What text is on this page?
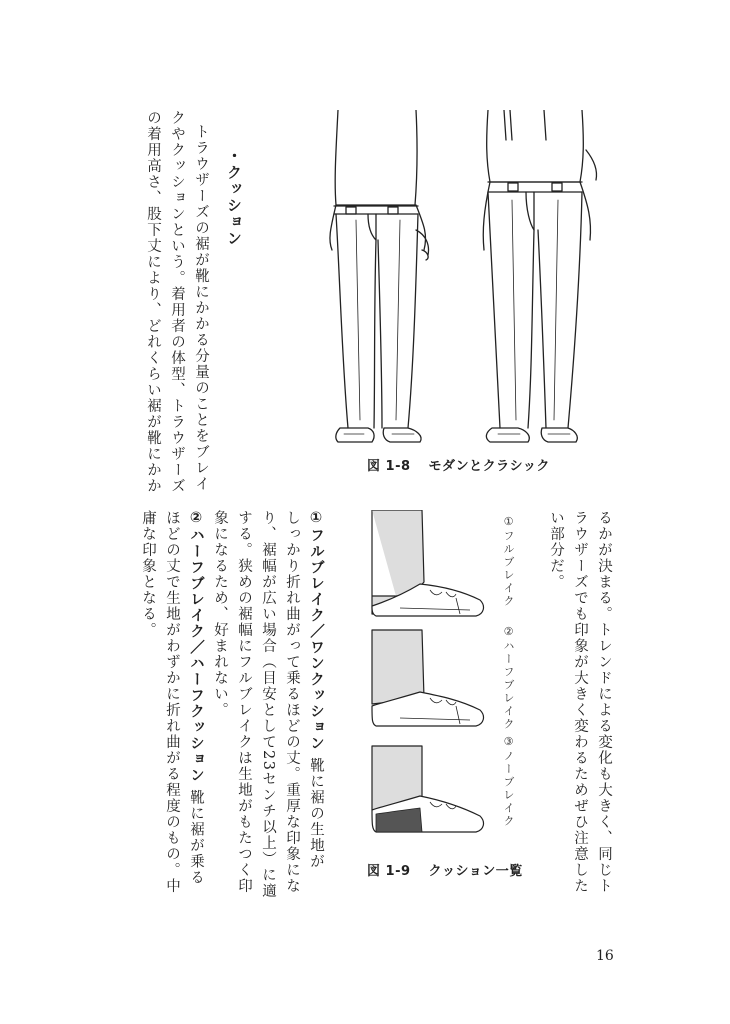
・クッション
トラウザーズの裾が靴にかかる分量のことをブレイ
クやクッションという。着用者の体型、トラウザーズ
の着用高さ、股下丈により、どれくらい裾が靴にかか
るかが決まる。トレンドによる変化も大きく、同じト
ラウザーズでも印象が大きく変わるためぜひ注意した
い部分だ。
①フルブレイク／ワンクッション 靴に裾の生地が
しっかり折れ曲がって乗るほどの丈。重厚な印象にな
り、裾幅が広い場合（目安として23センチ以上）に適
する。狭めの裾幅にフルブレイクは生地がもたつく印
象になるため、好まれない。
②ハーフブレイク／ハーフクッション 靴に裾が乗る
ほどの丈で生地がわずかに折れ曲がる程度のもの。中
庸な印象となる。
図 1-8 モダンとクラシック
①フルブレイク
②ハーフブレイク
③ノーブレイク
図 1-9 クッション一覧
16
